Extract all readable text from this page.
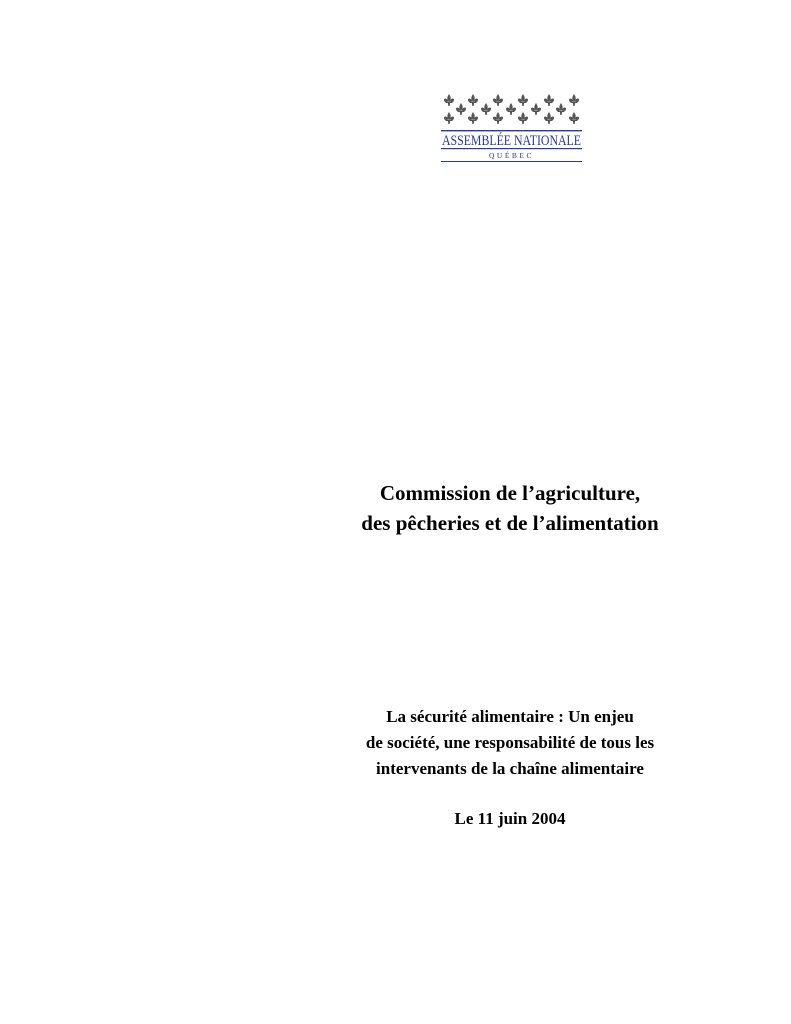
ASSEMBLÉE NATIONALE
QUÉBEC
Commission de l’agriculture,
des pêcheries et de l’alimentation
La sécurité alimentaire : Un enjeu
de société, une responsabilité de tous les
intervenants de la chaîne alimentaire
Le 11 juin 2004
